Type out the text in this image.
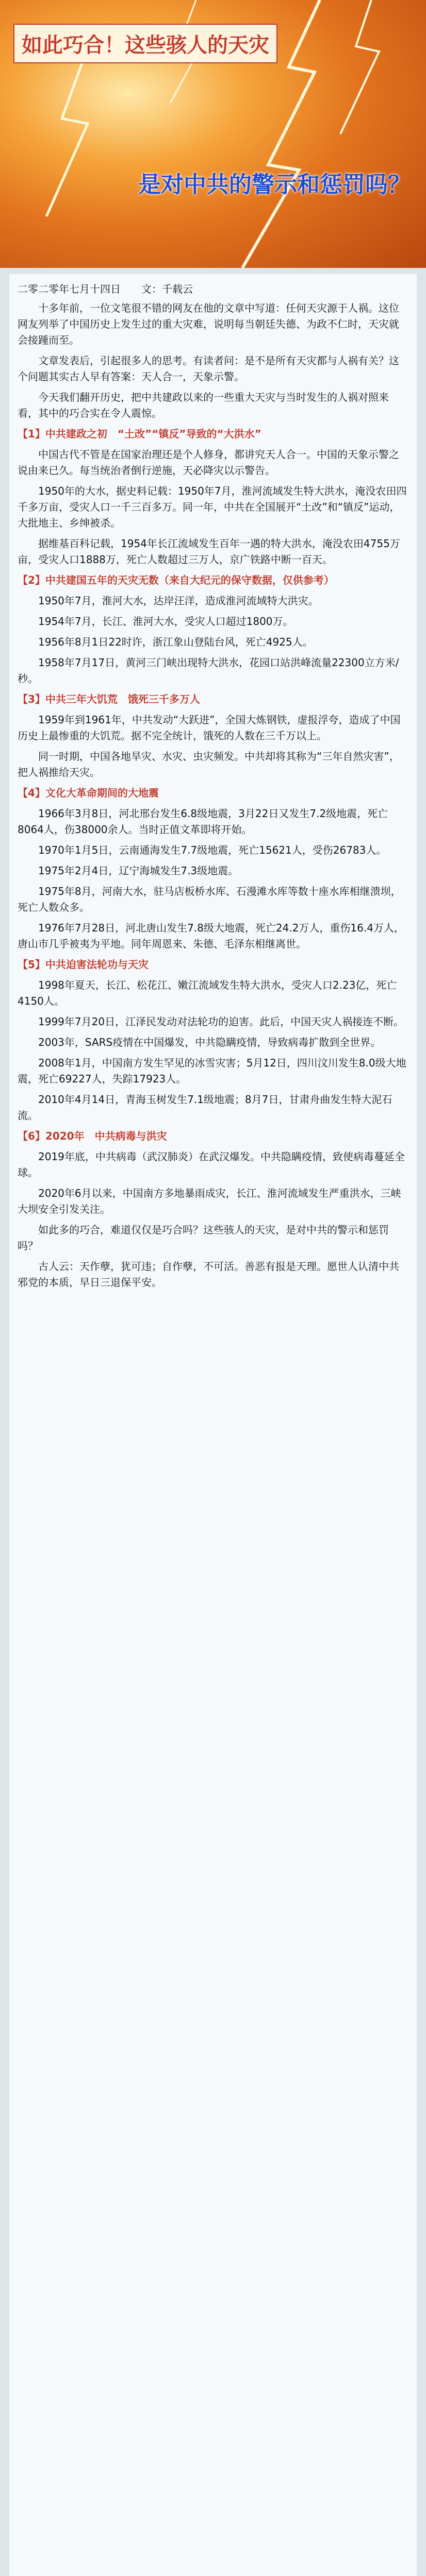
如此巧合！这些骇人的天灾
是对中共的警示和惩罚吗？
二零二零年七月十四日　　文：千载云

十多年前，一位文笔很不错的网友在他的文章中写道：任何天灾源于人祸。这位网友列举了中国历史上发生过的重大灾难，说明每当朝廷失德、为政不仁时，天灾就会接踵而至。

文章发表后，引起很多人的思考。有读者问：是不是所有天灾都与人祸有关？这个问题其实古人早有答案：天人合一，天象示警。

今天我们翻开历史，把中共建政以来的一些重大天灾与当时发生的人祸对照来看，其中的巧合实在令人震惊。

【1】中共建政之初　“土改”“镇反”导致的“大洪水”

中国古代不管是在国家治理还是个人修身，都讲究天人合一。中国的天象示警之说由来已久。每当统治者倒行逆施，天必降灾以示警告。

1950年的大水，据史料记载：1950年7月，淮河流域发生特大洪水，淹没农田四千多万亩，受灾人口一千三百多万。同一年，中共在全国展开“土改”和“镇反”运动，大批地主、乡绅被杀。

据维基百科记载，1954年长江流域发生百年一遇的特大洪水，淹没农田4755万亩，受灾人口1888万，死亡人数超过三万人，京广铁路中断一百天。

【2】中共建国五年的天灾无数（来自大纪元的保守数据，仅供参考）

1950年7月，淮河大水，达岸汪洋，造成淮河流域特大洪灾。

1954年7月，长江、淮河大水，受灾人口超过1800万。

1956年8月1日22时许，浙江象山登陆台风，死亡4925人。

1958年7月17日，黄河三门峡出现特大洪水，花园口站洪峰流量22300立方米/秒。

【3】中共三年大饥荒　饿死三千多万人

1959年到1961年，中共发动“大跃进”，全国大炼钢铁，虚报浮夸，造成了中国历史上最惨重的大饥荒。据不完全统计，饿死的人数在三千万以上。

同一时期，中国各地旱灾、水灾、虫灾频发。中共却将其称为“三年自然灾害”，把人祸推给天灾。

【4】文化大革命期间的大地震

1966年3月8日，河北邢台发生6.8级地震，3月22日又发生7.2级地震，死亡8064人，伤38000余人。当时正值文革即将开始。

1970年1月5日，云南通海发生7.7级地震，死亡15621人，受伤26783人。

1975年2月4日，辽宁海城发生7.3级地震。

1975年8月，河南大水，驻马店板桥水库、石漫滩水库等数十座水库相继溃坝，死亡人数众多。

1976年7月28日，河北唐山发生7.8级大地震，死亡24.2万人，重伤16.4万人，唐山市几乎被夷为平地。同年周恩来、朱德、毛泽东相继离世。

【5】中共迫害法轮功与天灾

1998年夏天，长江、松花江、嫩江流域发生特大洪水，受灾人口2.23亿，死亡4150人。

1999年7月20日，江泽民发动对法轮功的迫害。此后，中国天灾人祸接连不断。

2003年，SARS疫情在中国爆发，中共隐瞒疫情，导致病毒扩散到全世界。

2008年1月，中国南方发生罕见的冰雪灾害；5月12日，四川汶川发生8.0级大地震，死亡69227人，失踪17923人。

2010年4月14日，青海玉树发生7.1级地震；8月7日，甘肃舟曲发生特大泥石流。

【6】2020年　中共病毒与洪灾

2019年底，中共病毒（武汉肺炎）在武汉爆发。中共隐瞒疫情，致使病毒蔓延全球。

2020年6月以来，中国南方多地暴雨成灾，长江、淮河流域发生严重洪水，三峡大坝安全引发关注。

如此多的巧合，难道仅仅是巧合吗？这些骇人的天灾，是对中共的警示和惩罚吗？

古人云：天作孽，犹可违；自作孽，不可活。善恶有报是天理。愿世人认清中共邪党的本质，早日三退保平安。
